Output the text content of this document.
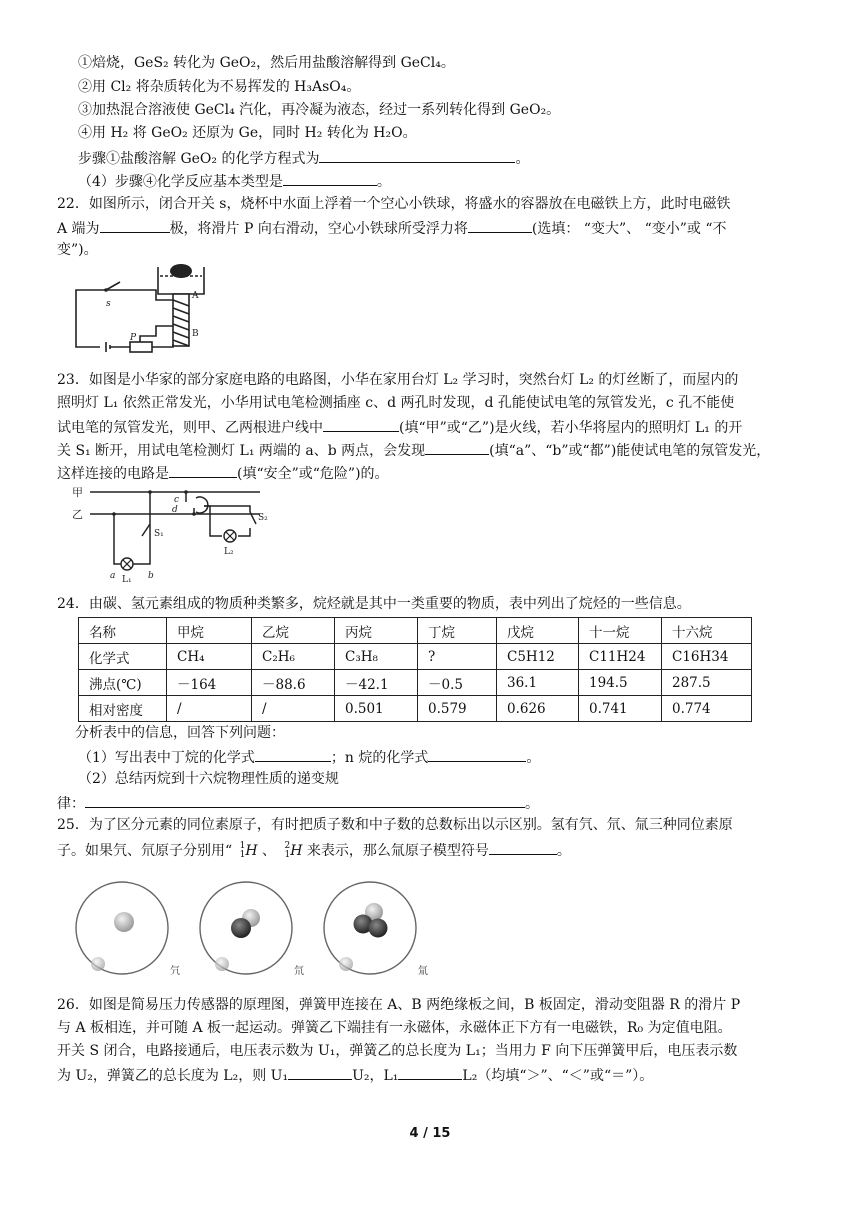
①焙烧，GeS₂ 转化为 GeO₂，然后用盐酸溶解得到 GeCl₄。
②用 Cl₂ 将杂质转化为不易挥发的 H₃AsO₄。
③加热混合溶液使 GeCl₄ 汽化，再冷凝为液态，经过一系列转化得到 GeO₂。
④用 H₂ 将 GeO₂ 还原为 Ge，同时 H₂ 转化为 H₂O。
步骤①盐酸溶解 GeO₂ 的化学方程式为	。
（4）步骤④化学反应基本类型是	。
22．如图所示，闭合开关 s，烧杯中水面上浮着一个空心小铁球，将盛水的容器放在电磁铁上方，此时电磁铁
A 端为	极，将滑片 P 向右滑动，空心小铁球所受浮力将	(选填： “变大”、 “变小”或 “不
变”)。
s
A
B
P
23．如图是小华家的部分家庭电路的电路图，小华在家用台灯 L₂ 学习时，突然台灯 L₂ 的灯丝断了，而屋内的
照明灯 L₁ 依然正常发光，小华用试电笔检测插座 c、d 两孔时发现，d 孔能使试电笔的氖管发光，c 孔不能使
试电笔的氖管发光，则甲、乙两根进户线中	(填“甲”或“乙”)是火线，若小华将屋内的照明灯 L₁ 的开
关 S₁ 断开，用试电笔检测灯 L₁ 两端的 a、b 两点，会发现	(填“a”、“b”或“都”)能使试电笔的氖管发光，
这样连接的电路是	(填“安全”或“危险”)的。
甲
乙
c
d
S₁
S₂
L₁
L₂
a	b
24．由碳、氢元素组成的物质种类繁多，烷烃就是其中一类重要的物质，表中列出了烷烃的一些信息。
名称	甲烷	乙烷	丙烷	丁烷	戊烷	十一烷	十六烷
化学式	CH₄	C₂H₆	C₃H₈	?	C5H12	C11H24	C16H34
沸点(℃)	－164	－88.6	－42.1	－0.5	36.1	194.5	287.5
相对密度	/	/	0.501	0.579	0.626	0.741	0.774
分析表中的信息，回答下列问题：
（1）写出表中丁烷的化学式	；n 烷的化学式	。
（2）总结丙烷到十六烷物理性质的递变规
律：	。
25．为了区分元素的同位素原子，有时把质子数和中子数的总数标出以示区别。氢有氕、氘、氚三种同位素原
子。如果氕、氘原子分别用“ 1
1 H 、 2
1 H 来表示，那么氚原子模型符号	。
氕	氘	氚
26．如图是简易压力传感器的原理图，弹簧甲连接在 A、B 两绝缘板之间，B 板固定，滑动变阻器 R 的滑片 P
与 A 板相连，并可随 A 板一起运动。弹簧乙下端挂有一永磁体，永磁体正下方有一电磁铁，R₀ 为定值电阻。
开关 S 闭合，电路接通后，电压表示数为 U₁，弹簧乙的总长度为 L₁；当用力 F 向下压弹簧甲后，电压表示数
为 U₂，弹簧乙的总长度为 L₂，则 U₁	U₂，L₁	L₂（均填“＞”、“＜”或“＝”）。
4 / 15
